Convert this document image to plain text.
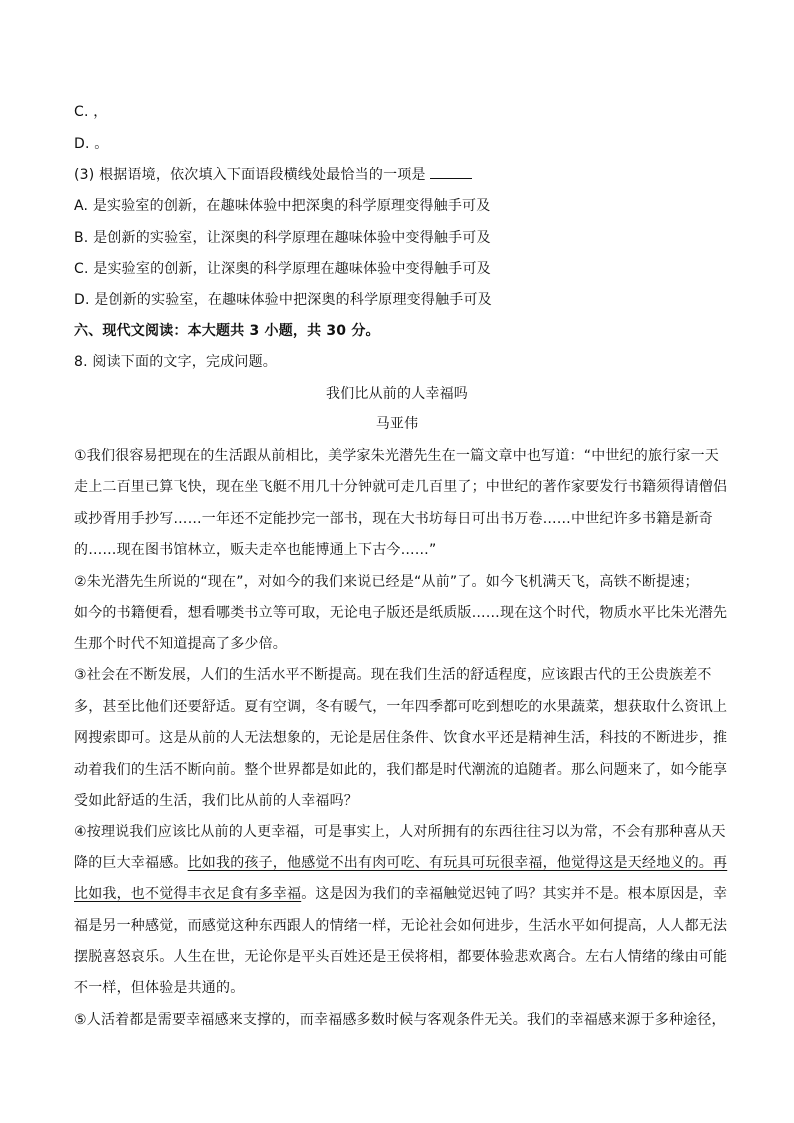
C. ，
D. 。
(3) 根据语境，依次填入下面语段横线处最恰当的一项是
A. 是实验室的创新，在趣味体验中把深奥的科学原理变得触手可及
B. 是创新的实验室，让深奥的科学原理在趣味体验中变得触手可及
C. 是实验室的创新，让深奥的科学原理在趣味体验中变得触手可及
D. 是创新的实验室，在趣味体验中把深奥的科学原理变得触手可及
六、现代文阅读：本大题共 3 小题，共 30 分。
8. 阅读下面的文字，完成问题。
我们比从前的人幸福吗
马亚伟
①我们很容易把现在的生活跟从前相比，美学家朱光潜先生在一篇文章中也写道：“中世纪的旅行家一天
走上二百里已算飞快，现在坐飞艇不用几十分钟就可走几百里了；中世纪的著作家要发行书籍须得请僧侣
或抄胥用手抄写……一年还不定能抄完一部书，现在大书坊每日可出书万卷……中世纪许多书籍是新奇
的……现在图书馆林立，贩夫走卒也能博通上下古今……”
②朱光潜先生所说的“现在”，对如今的我们来说已经是“从前”了。如今飞机满天飞，高铁不断提速；
如今的书籍便看，想看哪类书立等可取，无论电子版还是纸质版……现在这个时代，物质水平比朱光潜先
生那个时代不知道提高了多少倍。
③社会在不断发展，人们的生活水平不断提高。现在我们生活的舒适程度，应该跟古代的王公贵族差不
多，甚至比他们还要舒适。夏有空调，冬有暖气，一年四季都可吃到想吃的水果蔬菜，想获取什么资讯上
网搜索即可。这是从前的人无法想象的，无论是居住条件、饮食水平还是精神生活，科技的不断进步，推
动着我们的生活不断向前。整个世界都是如此的，我们都是时代潮流的追随者。那么问题来了，如今能享
受如此舒适的生活，我们比从前的人幸福吗？
④按理说我们应该比从前的人更幸福，可是事实上，人对所拥有的东西往往习以为常，不会有那种喜从天
降的巨大幸福感。比如我的孩子，他感觉不出有肉可吃、有玩具可玩很幸福，他觉得这是天经地义的。再
比如我，也不觉得丰衣足食有多幸福。这是因为我们的幸福触觉迟钝了吗？其实并不是。根本原因是，幸
福是另一种感觉，而感觉这种东西跟人的情绪一样，无论社会如何进步，生活水平如何提高，人人都无法
摆脱喜怒哀乐。人生在世，无论你是平头百姓还是王侯将相，都要体验悲欢离合。左右人情绪的缘由可能
不一样，但体验是共通的。
⑤人活着都是需要幸福感来支撑的，而幸福感多数时候与客观条件无关。我们的幸福感来源于多种途径，
